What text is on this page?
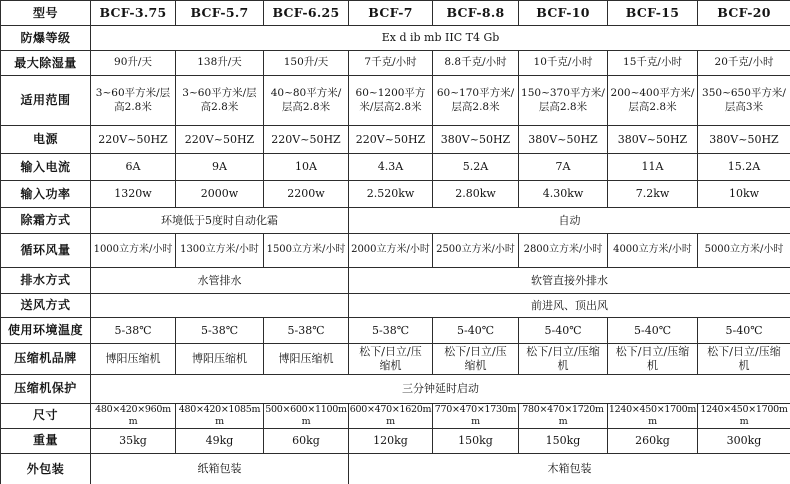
型号	BCF-3.75	BCF-5.7	BCF-6.25	BCF-7	BCF-8.8	BCF-10	BCF-15	BCF-20
防爆等级	Ex d ib mb IIC T4 Gb							
最大除湿量	90升/天	138升/天	150升/天	7千克/小时	8.8千克/小时	10千克/小时	15千克/小时	20千克/小时
适用范围	3~60平方米/层高2.8米	3~60平方米/层高2.8米	40~80平方米/层高2.8米	60~1200平方米/层高2.8米	60~170平方米/层高2.8米	150~370平方米/层高2.8米	200~400平方米/层高2.8米	350~650平方米/层高3米
电源	220V~50HZ	220V~50HZ	220V~50HZ	220V~50HZ	380V~50HZ	380V~50HZ	380V~50HZ	380V~50HZ
输入电流	6A	9A	10A	4.3A	5.2A	7A	11A	15.2A
输入功率	1320w	2000w	2200w	2.520kw	2.80kw	4.30kw	7.2kw	10kw
除霜方式	环境低于5度时自动化霜			自动				
循环风量	1000立方米/小时	1300立方米/小时	1500立方米/小时	2000立方米/小时	2500立方米/小时	2800立方米/小时	4000立方米/小时	5000立方米/小时
排水方式	水管排水			软管直接外排水				
送风方式				前进风、顶出风				
使用环境温度	5-38℃	5-38℃	5-38℃	5-38℃	5-40℃	5-40℃	5-40℃	5-40℃
压缩机品牌	博阳压缩机	博阳压缩机	博阳压缩机	松下/日立/压缩机	松下/日立/压缩机	松下/日立/压缩机	松下/日立/压缩机	松下/日立/压缩机
压缩机保护	三分钟延时启动							
尺寸	480×420×960mm	480×420×1085mm	500×600×1100mm	600×470×1620mm	770×470×1730mm	780×470×1720mm	1240×450×1700mm	1240×450×1700mm
重量	35kg	49kg	60kg	120kg	150kg	150kg	260kg	300kg
外包装	纸箱包装			木箱包装				
